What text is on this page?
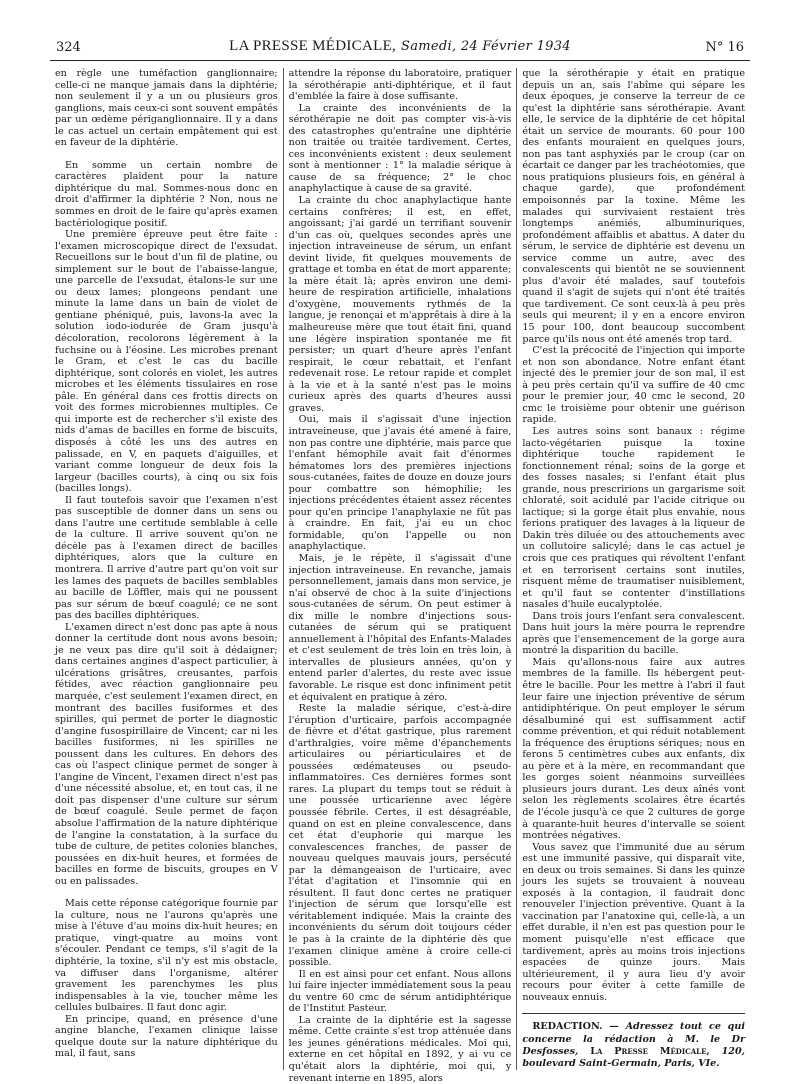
324	LA PRESSE MÉDICALE, Samedi, 24 Février 1934	N° 16

en règle une tuméfaction ganglionnaire; celle-ci ne manque jamais dans la diphtérie; non seulement il y a un ou plusieurs gros ganglions, mais ceux-ci sont souvent empâtés par un œdème périganglionnaire. Il y a dans le cas actuel un certain empâtement qui est en faveur de la diphtérie.

En somme un certain nombre de caractères plaident pour la nature diphtérique du mal. Sommes-nous donc en droit d'affirmer la diphtérie ? Non, nous ne sommes en droit de le faire qu'après examen bactériologique positif.

Une première épreuve peut être faite : l'examen microscopique direct de l'exsudat. Recueillons sur le bout d'un fil de platine, ou simplement sur le bout de l'abaisse-langue, une parcelle de l'exsudat, étalons-le sur une ou deux lames; plongeons pendant une minute la lame dans un bain de violet de gentiane phéniqué, puis, lavons-la avec la solution iodo-iodurée de Gram jusqu'à décoloration, recolorons légèrement à la fuchsine ou à l'éosine. Les microbes prenant le Gram, et c'est le cas du bacille diphtérique, sont colorés en violet, les autres microbes et les éléments tissulaires en rose pâle. En général dans ces frottis directs on voit des formes microbiennes multiples. Ce qui importe est de rechercher s'il existe des nids d'amas de bacilles en forme de biscuits, disposés à côté les uns des autres en palissade, en V, en paquets d'aiguilles, et variant comme longueur de deux fois la largeur (bacilles courts), à cinq ou six fois (bacilles longs).

Il faut toutefois savoir que l'examen n'est pas susceptible de donner dans un sens ou dans l'autre une certitude semblable à celle de la culture. Il arrive souvent qu'on ne décèle pas à l'examen direct de bacilles diphtériques, alors que la culture en montrera. Il arrive d'autre part qu'on voit sur les lames des paquets de bacilles semblables au bacille de Löffler, mais qui ne poussent pas sur sérum de bœuf coagulé; ce ne sont pas des bacilles diphtériques.

L'examen direct n'est donc pas apte à nous donner la certitude dont nous avons besoin; je ne veux pas dire qu'il soit à dédaigner; dans certaines angines d'aspect particulier, à ulcérations grisâtres, creusantes, parfois fétides, avec réaction ganglionnaire peu marquée, c'est seulement l'examen direct, en montrant des bacilles fusiformes et des spirilles, qui permet de porter le diagnostic d'angine fusospirillaire de Vincent; car ni les bacilles fusiformes, ni les spirilles ne poussent dans les cultures. En dehors des cas où l'aspect clinique permet de songer à l'angine de Vincent, l'examen direct n'est pas d'une nécessité absolue, et, en tout cas, il ne doit pas dispenser d'une culture sur sérum de bœuf coagulé. Seule permet de façon absolue l'affirmation de la nature diphtérique de l'angine la constatation, à la surface du tube de culture, de petites colonies blanches, poussées en dix-huit heures, et formées de bacilles en forme de biscuits, groupes en V ou en palissades.

Mais cette réponse catégorique fournie par la culture, nous ne l'aurons qu'après une mise à l'étuve d'au moins dix-huit heures; en pratique, vingt-quatre au moins vont s'écouler. Pendant ce temps, s'il s'agit de la diphtérie, la toxine, s'il n'y est mis obstacle, va diffuser dans l'organisme, altérer gravement les parenchymes les plus indispensables à la vie, toucher même les cellules bulbaires. Il faut donc agir.

En principe, quand, en présence d'une angine blanche, l'examen clinique laisse quelque doute sur la nature diphtérique du mal, il faut, sans

attendre la réponse du laboratoire, pratiquer la sérothérapie anti-diphtérique, et il faut d'emblée la faire à dose suffisante.

La crainte des inconvénients de la sérothérapie ne doit pas compter vis-à-vis des catastrophes qu'entraîne une diphtérie non traitée ou traitée tardivement. Certes, ces inconvénients existent : deux seulement sont à mentionner : 1° la maladie sérique à cause de sa fréquence; 2° le choc anaphylactique à cause de sa gravité.

La crainte du choc anaphylactique hante certains confrères; il est, en effet, angoissant; j'ai gardé un terrifiant souvenir d'un cas où, quelques secondes après une injection intraveineuse de sérum, un enfant devint livide, fit quelques mouvements de grattage et tomba en état de mort apparente; la mère était là; après environ une demi-heure de respiration artificielle, inhalations d'oxygène, mouvements rythmés de la langue, je renonçai et m'apprêtais à dire à la malheureuse mère que tout était fini, quand une légère inspiration spontanée me fit persister; un quart d'heure après l'enfant respirait, le cœur rebattait, et l'enfant redevenait rose. Le retour rapide et complet à la vie et à la santé n'est pas le moins curieux après des quarts d'heures aussi graves.

Oui, mais il s'agissait d'une injection intraveineuse, que j'avais été amené à faire, non pas contre une diphtérie, mais parce que l'enfant hémophile avait fait d'énormes hématomes lors des premières injections sous-cutanées, faites de douze en douze jours pour combattre son hémophilie; les injections précédentes étaient assez récentes pour qu'en principe l'anaphylaxie ne fût pas à craindre. En fait, j'ai eu un choc formidable, qu'on l'appelle ou non anaphylactique.

Mais, je le répète, il s'agissait d'une injection intraveineuse. En revanche, jamais personnellement, jamais dans mon service, je n'ai observé de choc à la suite d'injections sous-cutanées de sérum. On peut estimer à dix mille le nombre d'injections sous-cutanées de sérum qui se pratiquent annuellement à l'hôpital des Enfants-Malades et c'est seulement de très loin en très loin, à intervalles de plusieurs années, qu'on y entend parler d'alertes, du reste avec issue favorable. Le risque est donc infiniment petit et équivalent en pratique à zéro.

Reste la maladie sérique, c'est-à-dire l'éruption d'urticaire, parfois accompagnée de fièvre et d'état gastrique, plus rarement d'arthralgies, voire même d'épanchements articulaires ou périarticulaires et de poussées œdémateuses ou pseudo-inflammatoires. Ces dernières formes sont rares. La plupart du temps tout se réduit à une poussée urticarienne avec légère poussée fébrile. Certes, il est désagréable, quand on est en pleine convalescence, dans cet état d'euphorie qui marque les convalescences franches, de passer de nouveau quelques mauvais jours, persécuté par la démangeaison de l'urticaire, avec l'état d'agitation et l'insomnie qui en résultent. Il faut donc certes ne pratiquer l'injection de sérum que lorsqu'elle est véritablement indiquée. Mais la crainte des inconvénients du sérum doit toujours céder le pas à la crainte de la diphtérie dès que l'examen clinique amène à croire celle-ci possible.

Il en est ainsi pour cet enfant. Nous allons lui faire injecter immédiatement sous la peau du ventre 60 cmc de sérum antidiphtérique de l'Institut Pasteur.

La crainte de la diphtérie est la sagesse même. Cette crainte s'est trop atténuée dans les jeunes générations médicales. Moi qui, externe en cet hôpital en 1892, y ai vu ce qu'était alors la diphtérie, moi qui, y revenant interne en 1895, alors

que la sérothérapie y était en pratique depuis un an, sais l'abîme qui sépare les deux époques, je conserve la terreur de ce qu'est la diphtérie sans sérothérapie. Avant elle, le service de la diphtérie de cet hôpital était un service de mourants. 60 pour 100 des enfants mouraient en quelques jours, non pas tant asphyxiés par le croup (car on écartait ce danger par les trachéotomies, que nous pratiquions plusieurs fois, en général à chaque garde), que profondément empoisonnés par la toxine. Même les malades qui survivaient restaient très longtemps anémiés, albuminuriques, profondément affaiblis et abattus. A dater du sérum, le service de diphtérie est devenu un service comme un autre, avec des convalescents qui bientôt ne se souviennent plus d'avoir été malades, sauf toutefois quand il s'agit de sujets qui n'ont été traités que tardivement. Ce sont ceux-là à peu près seuls qui meurent; il y en a encore environ 15 pour 100, dont beaucoup succombent parce qu'ils nous ont été amenés trop tard.

C'est la précocité de l'injection qui importe et non son abondance. Notre enfant étant injecté dès le premier jour de son mal, il est à peu près certain qu'il va suffire de 40 cmc pour le premier jour, 40 cmc le second, 20 cmc le troisième pour obtenir une guérison rapide.

Les autres soins sont banaux : régime lacto-végétarien puisque la toxine diphtérique touche rapidement le fonctionnement rénal; soins de la gorge et des fosses nasales; si l'enfant était plus grande, nous prescririons un gargarisme soit chloraté, soit acidulé par l'acide citrique ou lactique; si la gorge était plus envahie, nous ferions pratiquer des lavages à la liqueur de Dakin très diluée ou des attouchements avec un collutoire salicylé; dans le cas actuel je crois que ces pratiques qui révoltent l'enfant et en terrorisent certains sont inutiles, risquent même de traumatiser nuisiblement, et qu'il faut se contenter d'instillations nasales d'huile eucalyptolée.

Dans trois jours l'enfant sera convalescent. Dans huit jours la mère pourra le reprendre après que l'ensemencement de la gorge aura montré la disparition du bacille.

Mais qu'allons-nous faire aux autres membres de la famille. Ils hébergent peut-être le bacille. Pour les mettre à l'abri il faut leur faire une injection préventive de sérum antidiphtérique. On peut employer le sérum désalbuminé qui est suffisamment actif comme prévention, et qui réduit notablement la fréquence des éruptions sériques; nous en ferons 5 centimètres cubes aux enfants, dix au père et à la mère, en recommandant que les gorges soient néanmoins surveillées plusieurs jours durant. Les deux aînés vont selon les règlements scolaires être écartés de l'école jusqu'à ce que 2 cultures de gorge à quarante-huit heures d'intervalle se soient montrées négatives.

Vous savez que l'immunité due au sérum est une immunité passive, qui disparaît vite, en deux ou trois semaines. Si dans les quinze jours les sujets se trouvaient à nouveau exposés à la contagion, il faudrait donc renouveler l'injection préventive. Quant à la vaccination par l'anatoxine qui, celle-là, a un effet durable, il n'en est pas question pour le moment puisqu'elle n'est efficace que tardivement, après au moins trois injections espacées de quinze jours. Mais ultérieurement, il y aura lieu d'y avoir recours pour éviter à cette famille de nouveaux ennuis.

REDACTION. — Adressez tout ce qui concerne la rédaction à M. le Dr Desfosses, La Presse Médicale, 120, boulevard Saint-Germain, Paris, VIe.
